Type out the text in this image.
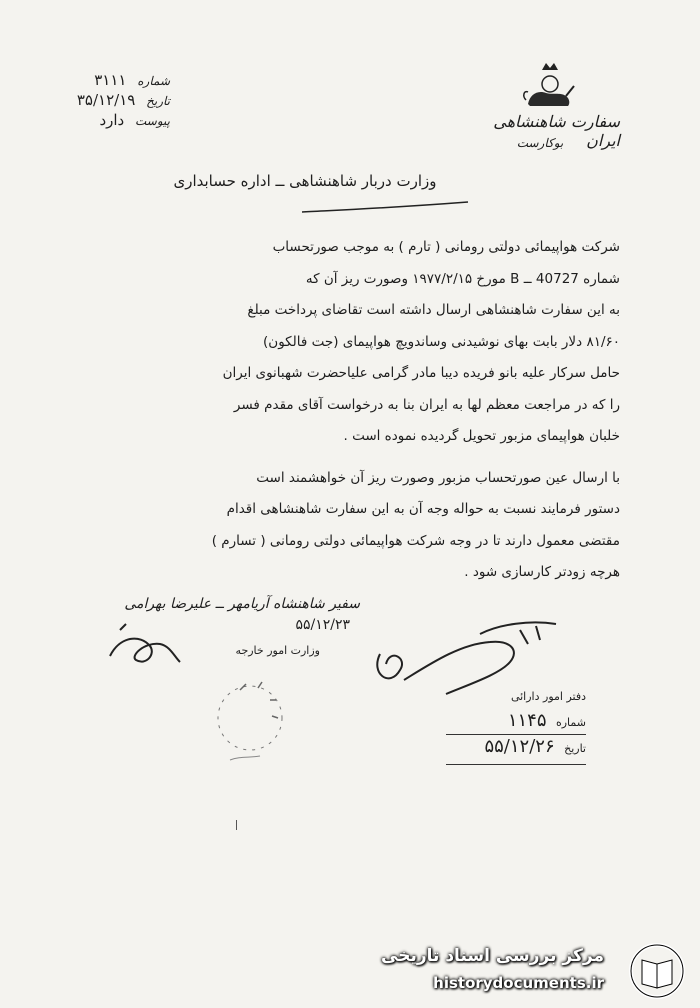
سفارت شاهنشاهی ایران
بوکارست
شماره ۳۱۱۱
تاریخ ۳۵/۱۲/۱۹
پیوست دارد
وزارت دربار شاهنشاهی ــ اداره حسابداری
شرکت هواپیمائی دولتی رومانی ( تارم ) به موجب صورتحساب
شماره 40727 ــ B مورخ ۱۹۷۷/۲/۱۵ وصورت ریز آن که
به این سفارت شاهنشاهی ارسال داشته است تقاضای پرداخت مبلغ
۸۱/۶۰ دلار بابت بهای نوشیدنی وساندویچ هواپیمای (جت فالکون)
حامل سرکار علیه بانو فریده دیبا مادر گرامی علیاحضرت شهبانوی ایران
را که در مراجعت معظم لها به ایران بنا به درخواست آقای مقدم فسر
خلبان هواپیمای مزبور تحویل گردیده نموده است .
با ارسال عین صورتحساب مزبور وصورت ریز آن خواهشمند است
دستور فرمایند نسبت به حواله وجه آن به این سفارت شاهنشاهی اقدام
مقتضی معمول دارند تا در وجه شرکت هواپیمائی دولتی رومانی ( تسارم )
هرچه زودتر کارسازی شود .
سفیر شاهنشاه آریامهر ــ علیرضا بهرامی
۵۵/۱۲/۲۳
وزارت امور خارجه
دفتر امور دارائی
شماره ۱۱۴۵
تاریخ ۵۵/۱۲/۲۶
مرکز بررسی اسناد تاریخی
historydocuments.ir
